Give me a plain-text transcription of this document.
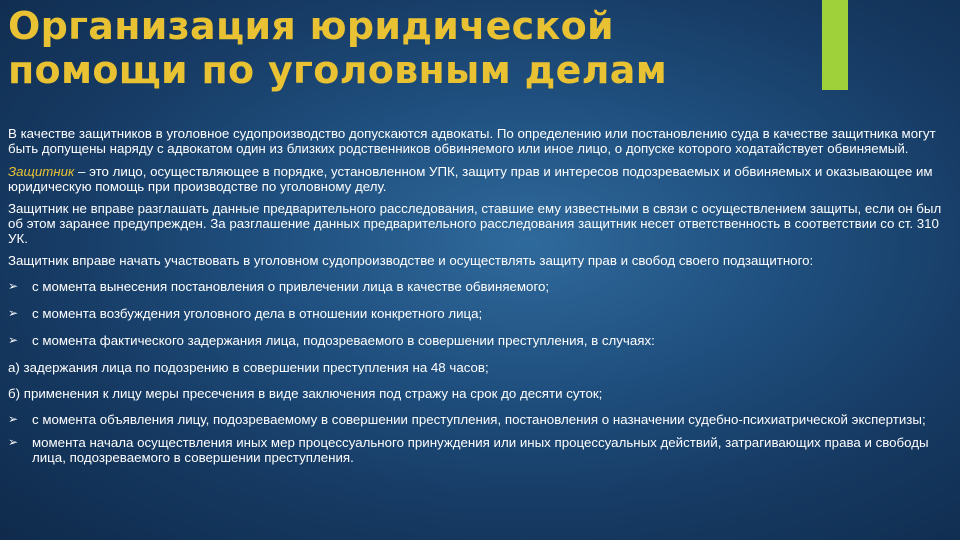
Организация юридической
помощи по уголовным делам

В качестве защитников в уголовное судопроизводство допускаются адвокаты. По определению или постановлению суда в качестве защитника могут быть допущены наряду с адвокатом один из близких родственников обвиняемого или иное лицо, о допуске которого ходатайствует обвиняемый.

Защитник – это лицо, осуществляющее в порядке, установленном УПК, защиту прав и интересов подозреваемых и обвиняемых и оказывающее им юридическую помощь при производстве по уголовному делу.

Защитник не вправе разглашать данные предварительного расследования, ставшие ему известными в связи с осуществлением защиты, если он был об этом заранее предупрежден. За разглашение данных предварительного расследования защитник несет ответственность в соответствии со ст. 310 УК.

Защитник вправе начать участвовать в уголовном судопроизводстве и осуществлять защиту прав и свобод своего подзащитного:

➢	с момента вынесения постановления о привлечении лица в качестве обвиняемого;
➢	с момента возбуждения уголовного дела в отношении конкретного лица;
➢	с момента фактического задержания лица, подозреваемого в совершении преступления, в случаях:

а) задержания лица по подозрению в совершении преступления на 48 часов;

б) применения к лицу меры пресечения в виде заключения под стражу на срок до десяти суток;

➢	с момента объявления лицу, подозреваемому в совершении преступления, постановления о назначении судебно-психиатрической экспертизы;
➢	момента начала осуществления иных мер процессуального принуждения или иных процессуальных действий, затрагивающих права и свободы лица, подозреваемого в совершении преступления.
